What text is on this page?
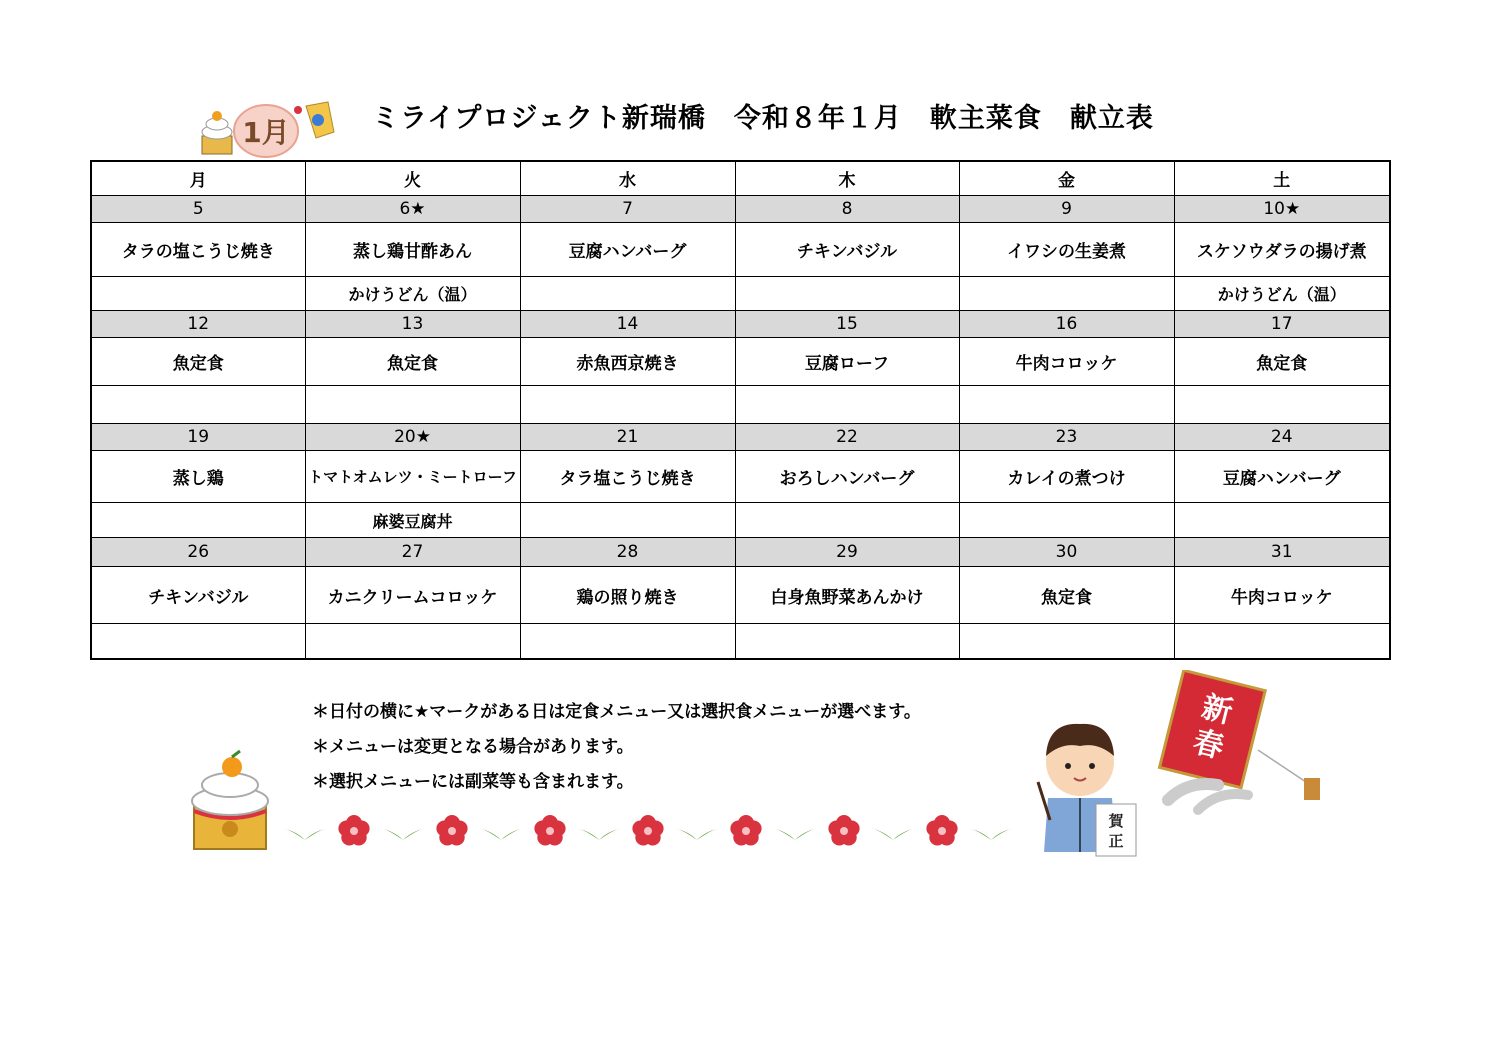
1月	ミライプロジェクト新瑞橋　令和８年１月　軟主菜食　献立表
月	火	水	木	金	土
5	6★	7	8	9	10★
タラの塩こうじ焼き	蒸し鶏甘酢あん	豆腐ハンバーグ	チキンバジル	イワシの生姜煮	スケソウダラの揚げ煮
	かけうどん（温）				かけうどん（温）
12	13	14	15	16	17
魚定食	魚定食	赤魚西京焼き	豆腐ローフ	牛肉コロッケ	魚定食

19	20★	21	22	23	24
蒸し鶏	トマトオムレツ・ミートローフ	タラ塩こうじ焼き	おろしハンバーグ	カレイの煮つけ	豆腐ハンバーグ
	麻婆豆腐丼				
26	27	28	29	30	31
チキンバジル	カニクリームコロッケ	鶏の照り焼き	白身魚野菜あんかけ	魚定食	牛肉コロッケ

＊日付の横に★マークがある日は定食メニュー又は選択食メニューが選べます。
＊メニューは変更となる場合があります。
＊選択メニューには副菜等も含まれます。
新春
賀正
